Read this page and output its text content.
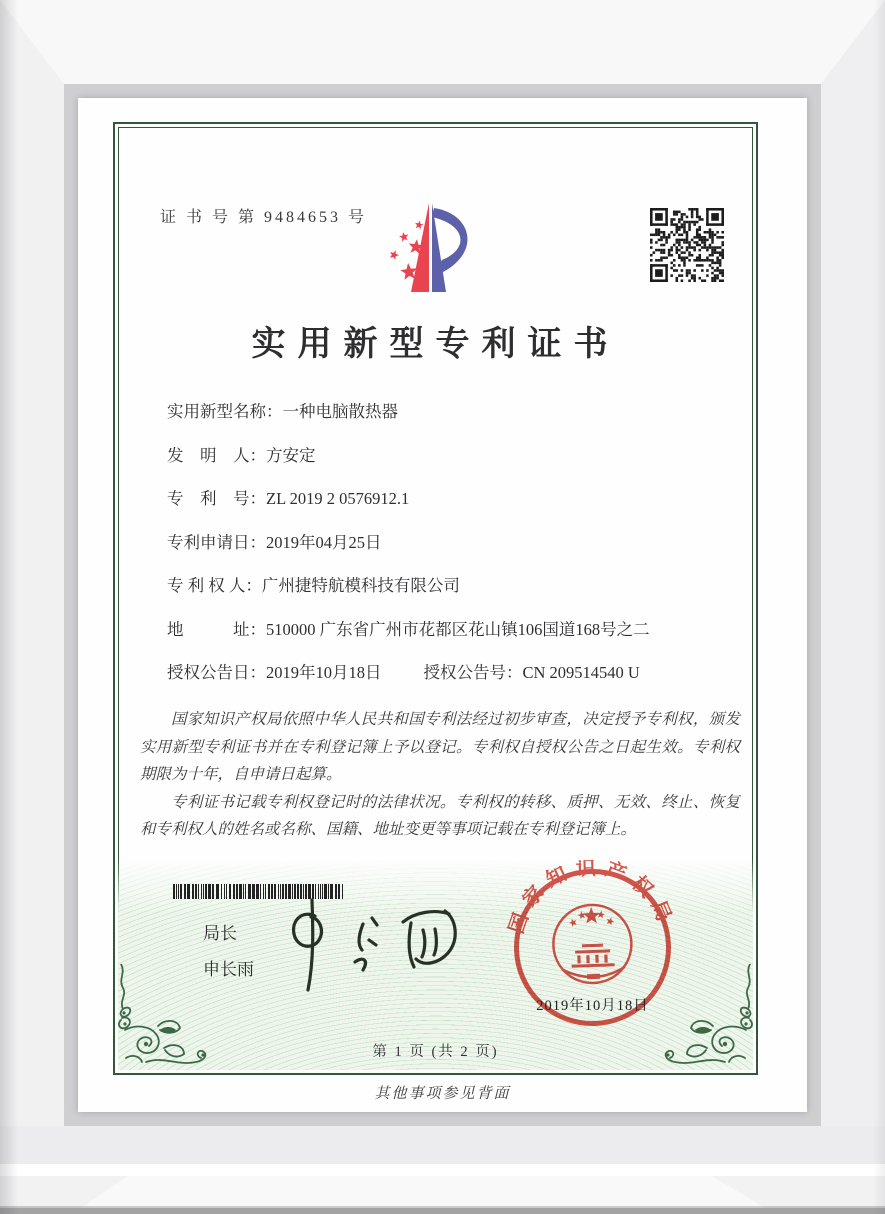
证 书 号 第 9484653 号
实用新型专利证书
实用新型名称：一种电脑散热器
发　明　人：方安定
专　利　号：ZL 2019 2 0576912.1
专利申请日：2019年04月25日
专 利 权 人：广州捷特航模科技有限公司
地　　　址：510000 广东省广州市花都区花山镇106国道168号之二
授权公告日：2019年10月18日	授权公告号：CN 209514540 U

国家知识产权局依照中华人民共和国专利法经过初步审查，决定授予专利权，颁发实用新型专利证书并在专利登记簿上予以登记。专利权自授权公告之日起生效。专利权期限为十年，自申请日起算。

专利证书记载专利权登记时的法律状况。专利权的转移、质押、无效、终止、恢复和专利权人的姓名或名称、国籍、地址变更等事项记载在专利登记簿上。

局长
申长雨
国家知识产权局
2019年10月18日
第 1 页 (共 2 页)
其他事项参见背面
